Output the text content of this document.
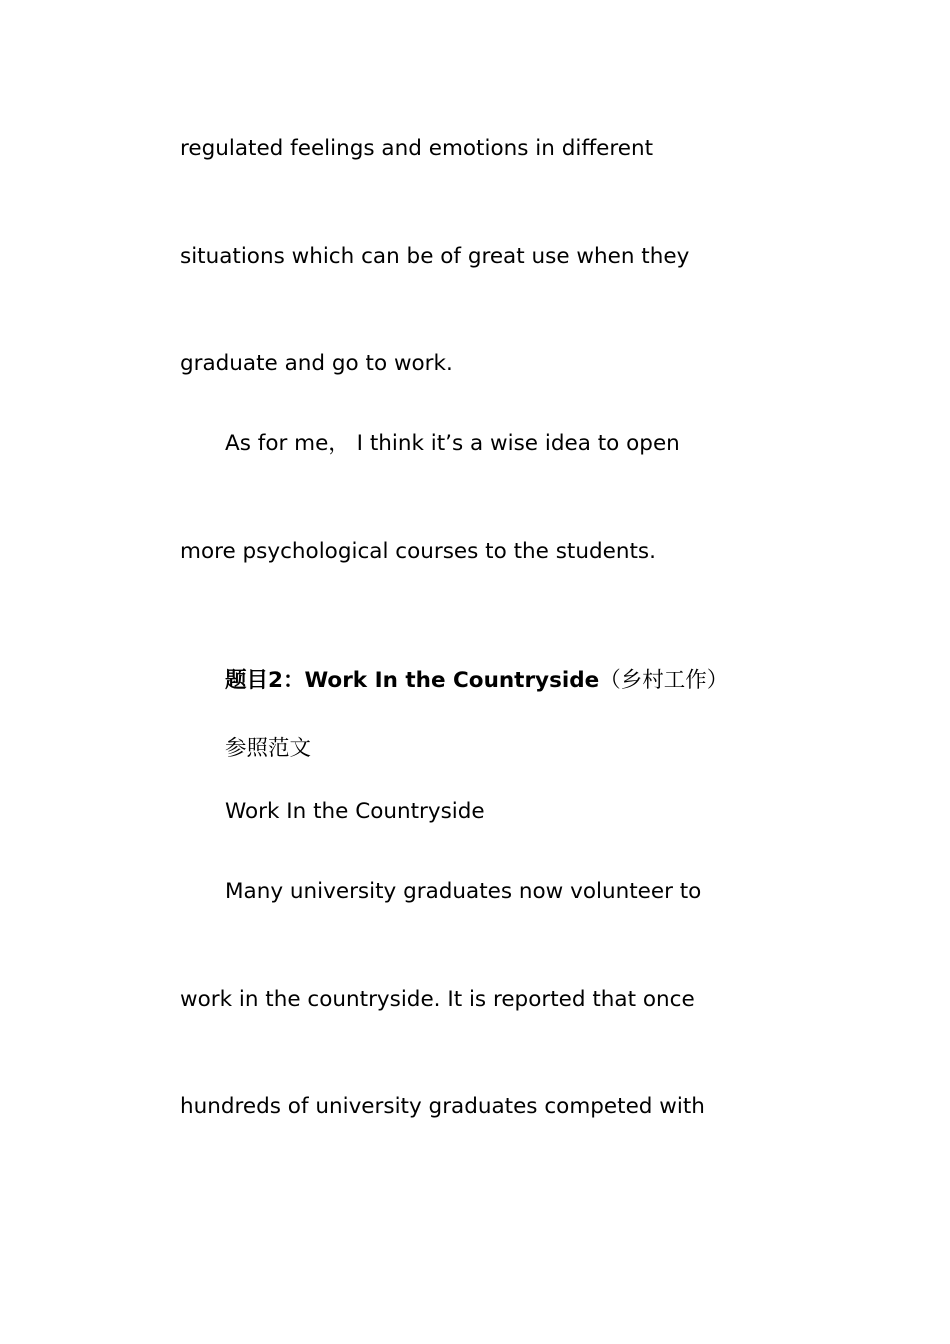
regulated feelings and emotions in different

situations which can be of great use when they

graduate and go to work.

As for me， I think it’s a wise idea to open

more psychological courses to the students.

题目2：Work In the Countryside（乡村工作）

参照范文

Work In the Countryside

Many university graduates now volunteer to

work in the countryside. It is reported that once

hundreds of university graduates competed with
